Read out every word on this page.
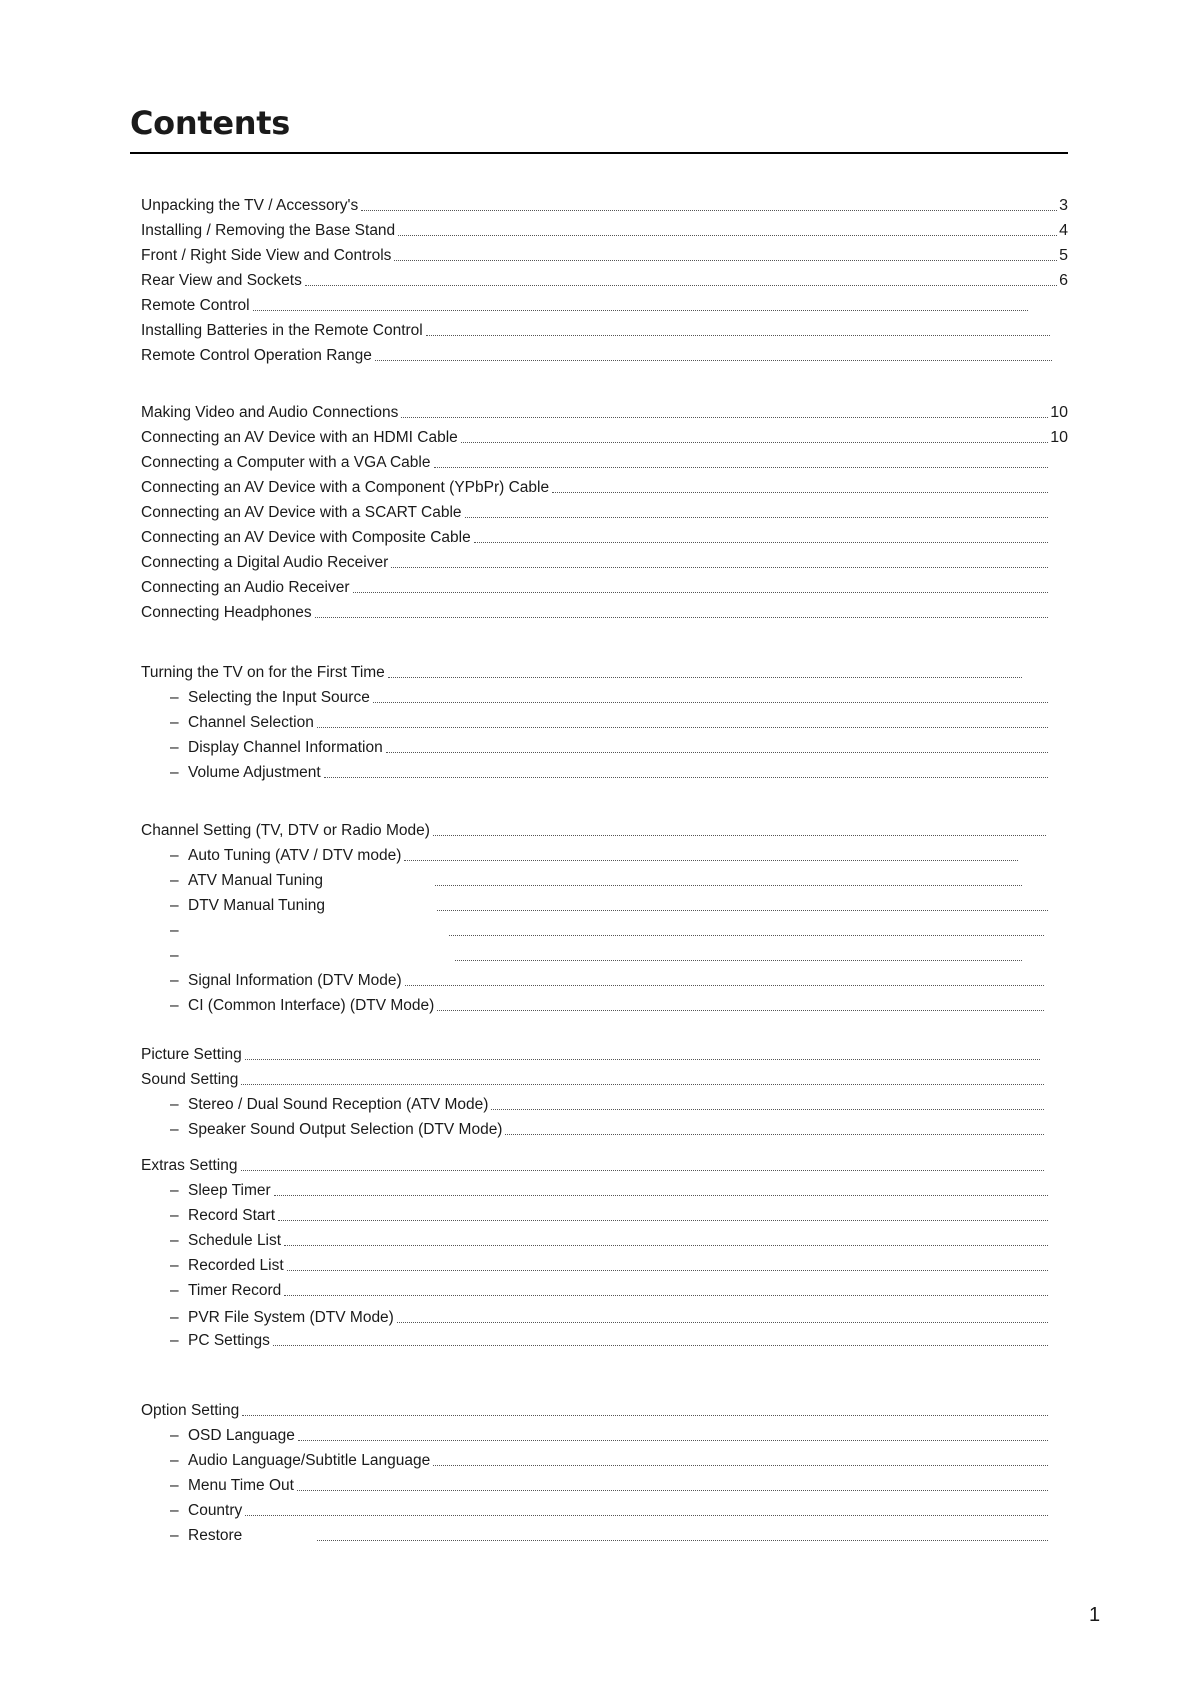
Contents
Unpacking the TV / Accessory's	3
Installing / Removing the Base Stand	4
Front / Right Side View and Controls	5
Rear View and Sockets	6
Remote Control
Installing Batteries in the Remote Control
Remote Control Operation Range
Making Video and Audio Connections	10
Connecting an AV Device with an HDMI Cable	10
Connecting a Computer with a VGA Cable
Connecting an AV Device with a Component (YPbPr) Cable
Connecting an AV Device with a SCART Cable
Connecting an AV Device with Composite Cable
Connecting a Digital Audio Receiver
Connecting an Audio Receiver
Connecting Headphones
Turning the TV on for the First Time
– Selecting the Input Source
– Channel Selection
– Display Channel Information
– Volume Adjustment
Channel Setting (TV, DTV or Radio Mode)
– Auto Tuning (ATV / DTV mode)
– ATV Manual Tuning
– DTV Manual Tuning
–
–
– Signal Information (DTV Mode)
– CI (Common Interface) (DTV Mode)
Picture Setting
Sound Setting
– Stereo / Dual Sound Reception (ATV Mode)
– Speaker Sound Output Selection (DTV Mode)
Extras Setting
– Sleep Timer
– Record Start
– Schedule List
– Recorded List
– Timer Record
– PVR File System (DTV Mode)
– PC Settings
Option Setting
– OSD Language
– Audio Language/Subtitle Language
– Menu Time Out
– Country
– Restore
1
